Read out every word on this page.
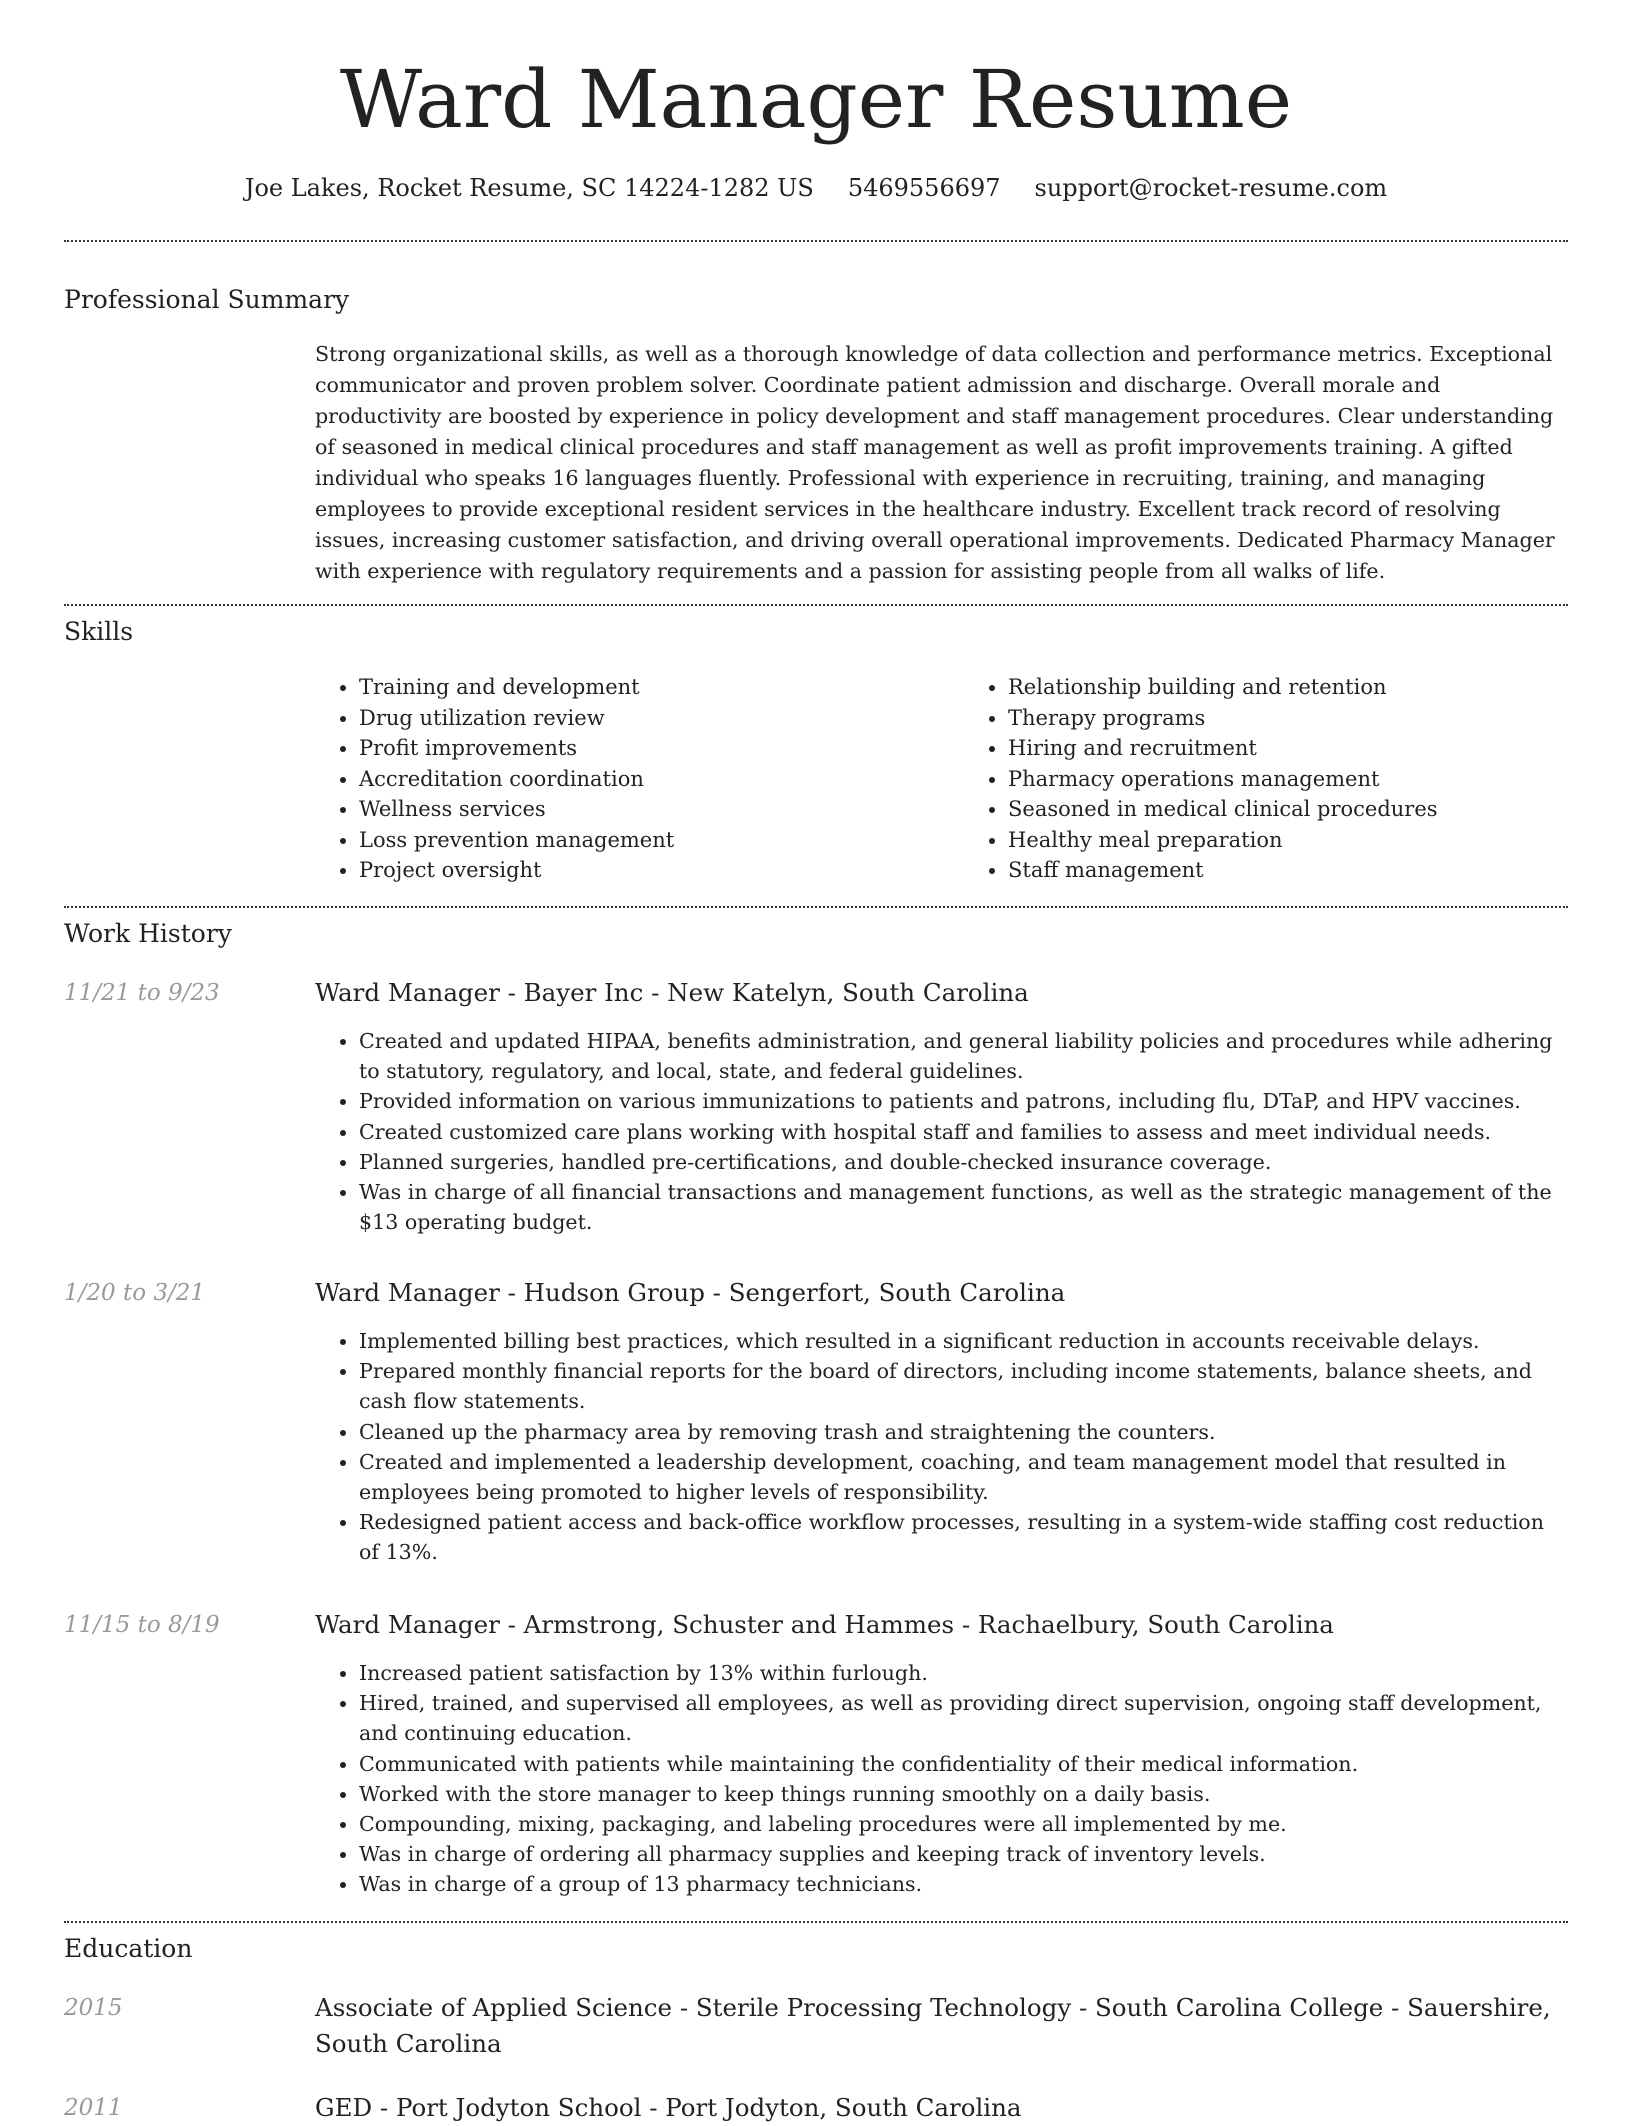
Ward Manager Resume
Joe Lakes, Rocket Resume, SC 14224-1282 US 5469556697 support@rocket-resume.com
Professional Summary

Strong organizational skills, as well as a thorough knowledge of data collection and performance metrics. Exceptional communicator and proven problem solver. Coordinate patient admission and discharge. Overall morale and productivity are boosted by experience in policy development and staff management procedures. Clear understanding of seasoned in medical clinical procedures and staff management as well as profit improvements training. A gifted individual who speaks 16 languages fluently. Professional with experience in recruiting, training, and managing employees to provide exceptional resident services in the healthcare industry. Excellent track record of resolving issues, increasing customer satisfaction, and driving overall operational improvements. Dedicated Pharmacy Manager with experience with regulatory requirements and a passion for assisting people from all walks of life.

Skills
• Training and development
• Drug utilization review
• Profit improvements
• Accreditation coordination
• Wellness services
• Loss prevention management
• Project oversight
• Relationship building and retention
• Therapy programs
• Hiring and recruitment
• Pharmacy operations management
• Seasoned in medical clinical procedures
• Healthy meal preparation
• Staff management
Work History
11/21 to 9/23	Ward Manager - Bayer Inc - New Katelyn, South Carolina
• Created and updated HIPAA, benefits administration, and general liability policies and procedures while adhering to statutory, regulatory, and local, state, and federal guidelines.
• Provided information on various immunizations to patients and patrons, including flu, DTaP, and HPV vaccines.
• Created customized care plans working with hospital staff and families to assess and meet individual needs.
• Planned surgeries, handled pre-certifications, and double-checked insurance coverage.
• Was in charge of all financial transactions and management functions, as well as the strategic management of the $13 operating budget.
1/20 to 3/21	Ward Manager - Hudson Group - Sengerfort, South Carolina
• Implemented billing best practices, which resulted in a significant reduction in accounts receivable delays.
• Prepared monthly financial reports for the board of directors, including income statements, balance sheets, and cash flow statements.
• Cleaned up the pharmacy area by removing trash and straightening the counters.
• Created and implemented a leadership development, coaching, and team management model that resulted in employees being promoted to higher levels of responsibility.
• Redesigned patient access and back-office workflow processes, resulting in a system-wide staffing cost reduction of 13%.
11/15 to 8/19	Ward Manager - Armstrong, Schuster and Hammes - Rachaelbury, South Carolina
• Increased patient satisfaction by 13% within furlough.
• Hired, trained, and supervised all employees, as well as providing direct supervision, ongoing staff development, and continuing education.
• Communicated with patients while maintaining the confidentiality of their medical information.
• Worked with the store manager to keep things running smoothly on a daily basis.
• Compounding, mixing, packaging, and labeling procedures were all implemented by me.
• Was in charge of ordering all pharmacy supplies and keeping track of inventory levels.
• Was in charge of a group of 13 pharmacy technicians.
Education
2015	Associate of Applied Science - Sterile Processing Technology - South Carolina College - Sauershire, South Carolina
2011	GED - Port Jodyton School - Port Jodyton, South Carolina
